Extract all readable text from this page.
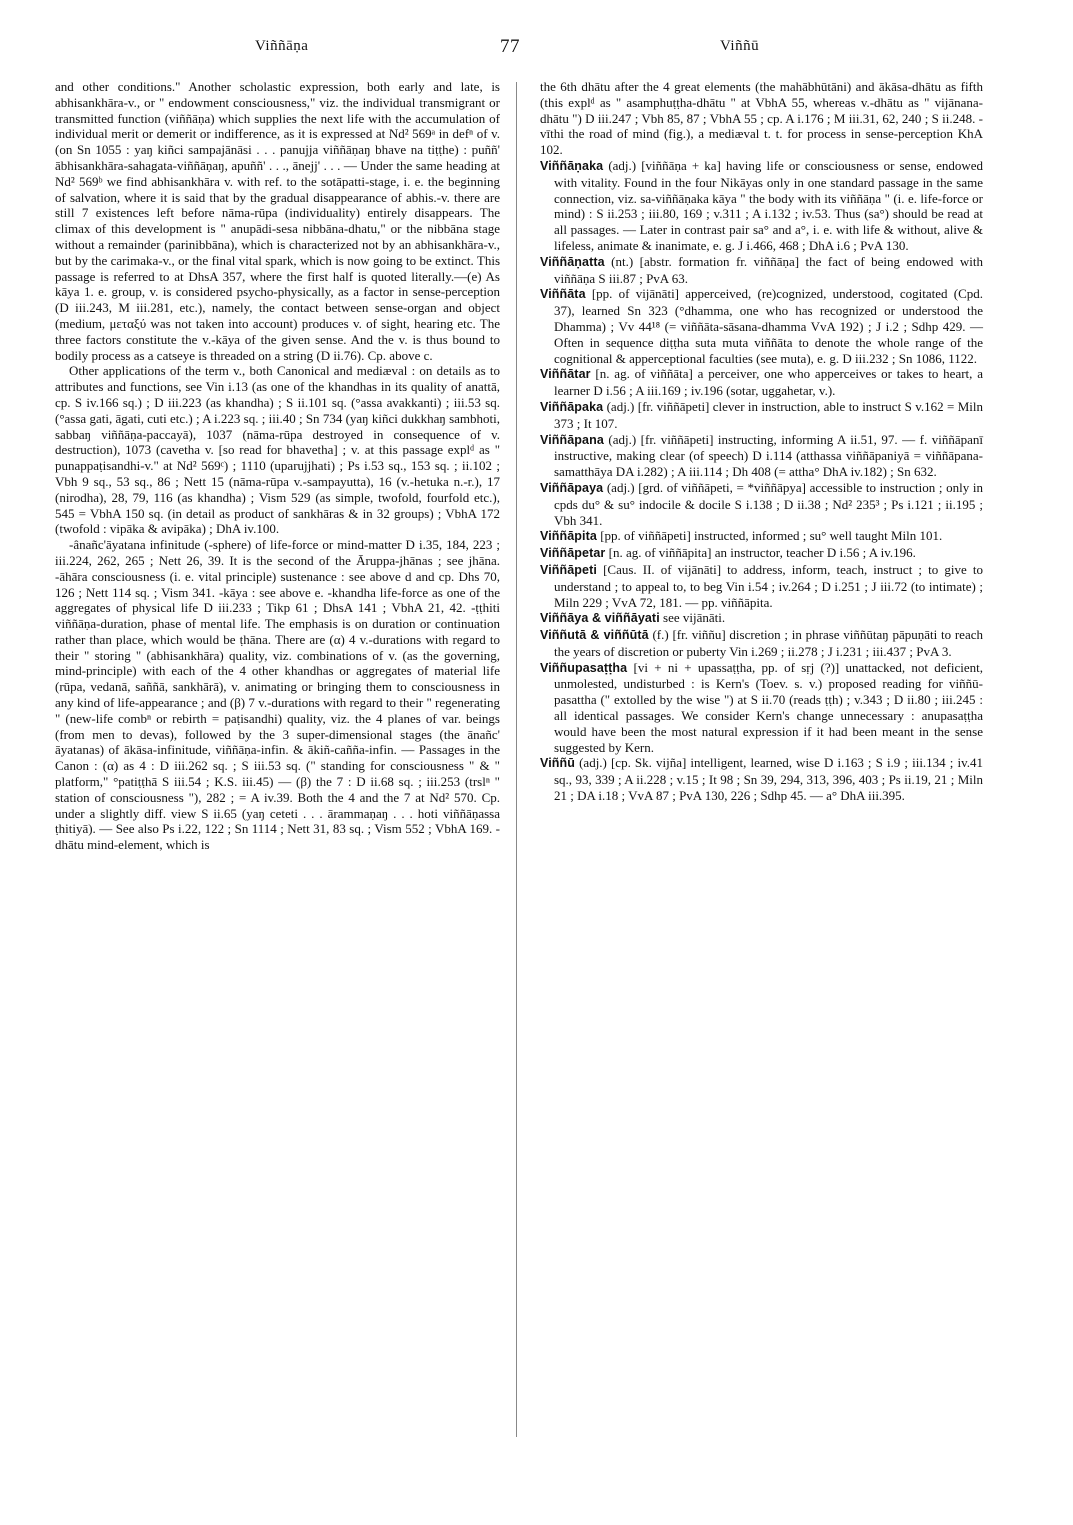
Viññāṇa	77	Viññū

and other conditions." Another scholastic expression, both early and late, is abhisankhāra-v., or " endowment consciousness," viz. the individual transmigrant or transmitted function (viññāṇa) which supplies the next life with the accumulation of individual merit or demerit or indifference, as it is expressed at Nd² 569ᵃ in defⁿ of v. (on Sn 1055 : yaŋ kiñci sampajānāsi . . . panujja viññāṇaŋ bhave na tiṭṭhe) : puññ' ābhisankhāra-sahagata-viññāṇaŋ, apuññ' . . ., ānejj' . . . — Under the same heading at Nd² 569ᵇ we find abhisankhāra v. with ref. to the sotāpatti-stage, i. e. the beginning of salvation, where it is said that by the gradual disappearance of abhis.-v. there are still 7 existences left before nāma-rūpa (individuality) entirely disappears. The climax of this development is " anupādi-sesa nibbāna-dhatu," or the nibbāna stage without a remainder (parinibbāna), which is characterized not by an abhisankhāra-v., but by the carimaka-v., or the final vital spark, which is now going to be extinct. This passage is referred to at DhsA 357, where the first half is quoted literally.—(e) As kāya 1. e. group, v. is considered psycho-physically, as a factor in sense-perception (D iii.243, M iii.281, etc.), namely, the contact between sense-organ and object (medium, μεταξύ was not taken into account) produces v. of sight, hearing etc. The three factors constitute the v.-kāya of the given sense. And the v. is thus bound to bodily process as a catseye is threaded on a string (D ii.76). Cp. above c.

Other applications of the term v., both Canonical and mediæval : on details as to attributes and functions, see Vin i.13 (as one of the khandhas in its quality of anattā, cp. S iv.166 sq.) ; D iii.223 (as khandha) ; S ii.101 sq. (°assa avakkanti) ; iii.53 sq. (°assa gati, āgati, cuti etc.) ; A i.223 sq. ; iii.40 ; Sn 734 (yaŋ kiñci dukkhaŋ sambhoti, sabbaŋ viññāṇa-paccayā), 1037 (nāma-rūpa destroyed in consequence of v. destruction), 1073 (cavetha v. [so read for bhavetha] ; v. at this passage explᵈ as " punappaṭisandhi-v." at Nd² 569ᶜ) ; 1110 (uparujjhati) ; Ps i.53 sq., 153 sq. ; ii.102 ; Vbh 9 sq., 53 sq., 86 ; Nett 15 (nāma-rūpa v.-sampayutta), 16 (v.-hetuka n.-r.), 17 (nirodha), 28, 79, 116 (as khandha) ; Vism 529 (as simple, twofold, fourfold etc.), 545 = VbhA 150 sq. (in detail as product of sankhāras & in 32 groups) ; VbhA 172 (twofold : vipāka & avipāka) ; DhA iv.100.

-ânañc'āyatana infinitude (-sphere) of life-force or mind-matter D i.35, 184, 223 ; iii.224, 262, 265 ; Nett 26, 39. It is the second of the Āruppa-jhānas ; see jhāna. -āhāra consciousness (i. e. vital principle) sustenance : see above d and cp. Dhs 70, 126 ; Nett 114 sq. ; Vism 341. -kāya : see above e. -khandha life-force as one of the aggregates of physical life D iii.233 ; Tikp 61 ; DhsA 141 ; VbhA 21, 42. -ṭṭhiti viññāṇa-duration, phase of mental life. The emphasis is on duration or continuation rather than place, which would be ṭhāna. There are (α) 4 v.-durations with regard to their " storing " (abhisankhāra) quality, viz. combinations of v. (as the governing, mind-principle) with each of the 4 other khandhas or aggregates of material life (rūpa, vedanā, saññā, sankhārā), v. animating or bringing them to consciousness in any kind of life-appearance ; and (β) 7 v.-durations with regard to their " regenerating " (new-life combⁿ or rebirth = paṭisandhi) quality, viz. the 4 planes of var. beings (from men to devas), followed by the 3 super-dimensional stages (the ānañc' āyatanas) of ākāsa-infinitude, viññāṇa-infin. & ākiñ-cañña-infin. — Passages in the Canon : (α) as 4 : D iii.262 sq. ; S iii.53 sq. (" standing for consciousness " & " platform," °patiṭṭhā S iii.54 ; K.S. iii.45) — (β) the 7 : D ii.68 sq. ; iii.253 (trslⁿ " station of consciousness "), 282 ; = A iv.39. Both the 4 and the 7 at Nd² 570. Cp. under a slightly diff. view S ii.65 (yaŋ ceteti . . . ārammaṇaŋ . . . hoti viññāṇassa ṭhitiyā). — See also Ps i.22, 122 ; Sn 1114 ; Nett 31, 83 sq. ; Vism 552 ; VbhA 169. -dhātu mind-element, which is

the 6th dhātu after the 4 great elements (the mahābhūtāni) and ākāsa-dhātu as fifth (this explᵈ as " asamphuṭṭha-dhātu " at VbhA 55, whereas v.-dhātu as " vijānana-dhātu ") D iii.247 ; Vbh 85, 87 ; VbhA 55 ; cp. A i.176 ; M iii.31, 62, 240 ; S ii.248. -vīthi the road of mind (fig.), a mediæval t. t. for process in sense-perception KhA 102.

Viññāṇaka (adj.) [viññāṇa + ka] having life or consciousness or sense, endowed with vitality. Found in the four Nikāyas only in one standard passage in the same connection, viz. sa-viññāṇaka kāya " the body with its viññāṇa " (i. e. life-force or mind) : S ii.253 ; iii.80, 169 ; v.311 ; A i.132 ; iv.53. Thus (sa°) should be read at all passages. — Later in contrast pair sa° and a°, i. e. with life & without, alive & lifeless, animate & inanimate, e. g. J i.466, 468 ; DhA i.6 ; PvA 130.

Viññāṇatta (nt.) [abstr. formation fr. viññāṇa] the fact of being endowed with viññāṇa S iii.87 ; PvA 63.

Viññāta [pp. of vijānāti] apperceived, (re)cognized, understood, cogitated (Cpd. 37), learned Sn 323 (°dhamma, one who has recognized or understood the Dhamma) ; Vv 44¹⁸ (= viññāta-sāsana-dhamma VvA 192) ; J i.2 ; Sdhp 429. — Often in sequence diṭṭha suta muta viññāta to denote the whole range of the cognitional & apperceptional faculties (see muta), e. g. D iii.232 ; Sn 1086, 1122.

Viññātar [n. ag. of viññāta] a perceiver, one who apperceives or takes to heart, a learner D i.56 ; A iii.169 ; iv.196 (sotar, uggahetar, v.).

Viññāpaka (adj.) [fr. viññāpeti] clever in instruction, able to instruct S v.162 = Miln 373 ; It 107.

Viññāpana (adj.) [fr. viññāpeti] instructing, informing A ii.51, 97. — f. viññāpanī instructive, making clear (of speech) D i.114 (atthassa viññāpaniyā = viññāpana-samatthāya DA i.282) ; A iii.114 ; Dh 408 (= attha° DhA iv.182) ; Sn 632.

Viññāpaya (adj.) [grd. of viññāpeti, = *viññāpya] accessible to instruction ; only in cpds du° & su° indocile & docile S i.138 ; D ii.38 ; Nd² 235³ ; Ps i.121 ; ii.195 ; Vbh 341.

Viññāpita [pp. of viññāpeti] instructed, informed ; su° well taught Miln 101.

Viññāpetar [n. ag. of viññāpita] an instructor, teacher D i.56 ; A iv.196.

Viññāpeti [Caus. II. of vijānāti] to address, inform, teach, instruct ; to give to understand ; to appeal to, to beg Vin i.54 ; iv.264 ; D i.251 ; J iii.72 (to intimate) ; Miln 229 ; VvA 72, 181. — pp. viññāpita.

Viññāya & viññāyati see vijānāti.

Viññutā & viññūtā (f.) [fr. viññu] discretion ; in phrase viññūtaŋ pāpuṇāti to reach the years of discretion or puberty Vin i.269 ; ii.278 ; J i.231 ; iii.437 ; PvA 3.

Viññupasaṭṭha [vi + ni + upassaṭṭha, pp. of sṛj (?)] unattacked, not deficient, unmolested, undisturbed : is Kern's (Toev. s. v.) proposed reading for viññū-pasattha (" extolled by the wise ") at S ii.70 (reads ṭṭh) ; v.343 ; D ii.80 ; iii.245 : all identical passages. We consider Kern's change unnecessary : anupasaṭṭha would have been the most natural expression if it had been meant in the sense suggested by Kern.

Viññū (adj.) [cp. Sk. vijña] intelligent, learned, wise D i.163 ; S i.9 ; iii.134 ; iv.41 sq., 93, 339 ; A ii.228 ; v.15 ; It 98 ; Sn 39, 294, 313, 396, 403 ; Ps ii.19, 21 ; Miln 21 ; DA i.18 ; VvA 87 ; PvA 130, 226 ; Sdhp 45. — a° DhA iii.395.
